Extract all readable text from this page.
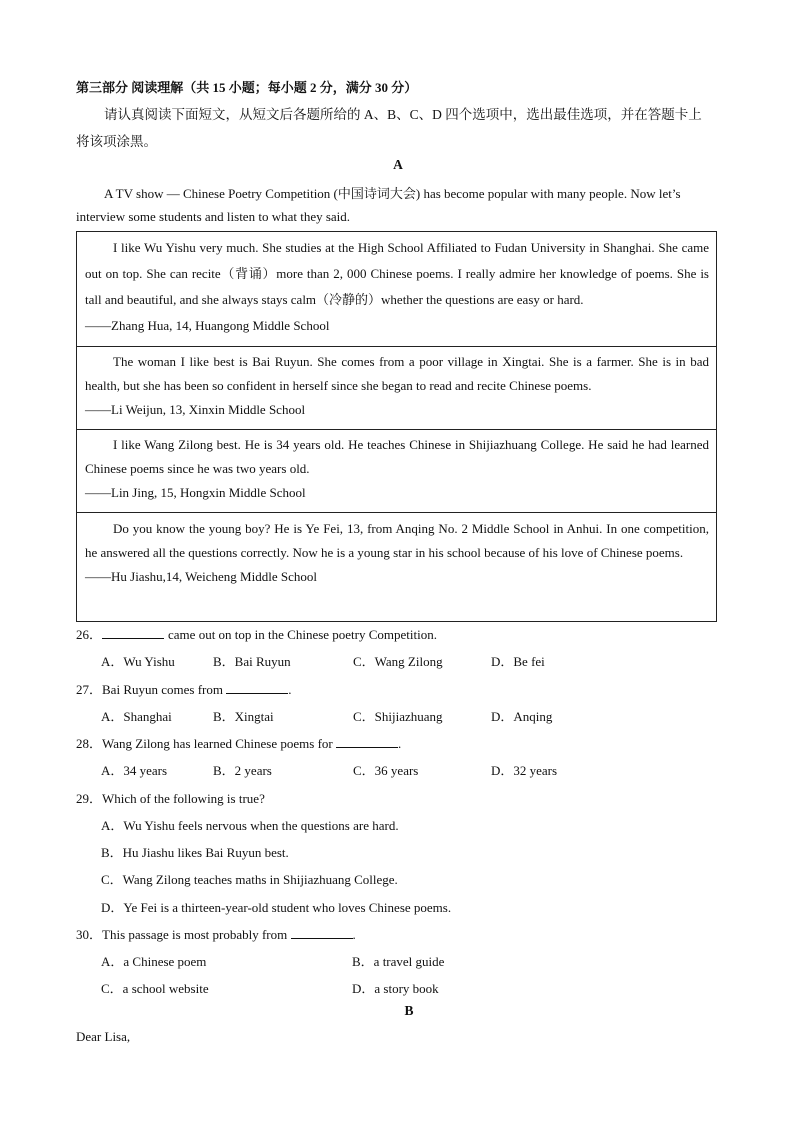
第三部分 阅读理解（共 15 小题；每小题 2 分，满分 30 分）
请认真阅读下面短文，从短文后各题所给的 A、B、C、D 四个选项中，选出最佳选项，并在答题卡上
将该项涂黑。
A
A TV show — Chinese Poetry Competition (中国诗词大会) has become popular with many people. Now let’s
interview some students and listen to what they said.

I like Wu Yishu very much. She studies at the High School Affiliated to Fudan University in Shanghai. She came out on top. She can recite（背诵）more than 2, 000 Chinese poems. I really admire her knowledge of poems. She is tall and beautiful, and she always stays calm（冷静的）whether the questions are easy or hard.

——Zhang Hua, 14, Huangong Middle School

The woman I like best is Bai Ruyun. She comes from a poor village in Xingtai. She is a farmer. She is in bad health, but she has been so confident in herself since she began to read and recite Chinese poems.

——Li Weijun, 13, Xinxin Middle School

I like Wang Zilong best. He is 34 years old. He teaches Chinese in Shijiazhuang College. He said he had learned Chinese poems since he was two years old.

——Lin Jing, 15, Hongxin Middle School

Do you know the young boy? He is Ye Fei, 13, from Anqing No. 2 Middle School in Anhui. In one competition, he answered all the questions correctly. Now he is a young star in his school because of his love of Chinese poems.

——Hu Jiashu,14, Weicheng Middle School

26．	came out on top in the Chinese poetry Competition.
A．Wu Yishu	B．Bai Ruyun	C．Wang Zilong	D．Be fei
27．Bai Ruyun comes from	.
A．Shanghai	B．Xingtai	C．Shijiazhuang	D．Anqing
28．Wang Zilong has learned Chinese poems for	.
A．34 years	B．2 years	C．36 years	D．32 years
29．Which of the following is true?
A．Wu Yishu feels nervous when the questions are hard.
B．Hu Jiashu likes Bai Ruyun best.
C．Wang Zilong teaches maths in Shijiazhuang College.
D．Ye Fei is a thirteen-year-old student who loves Chinese poems.
30．This passage is most probably from	.
A．a Chinese poem	B．a travel guide
C．a school website	D．a story book
B
Dear Lisa,
